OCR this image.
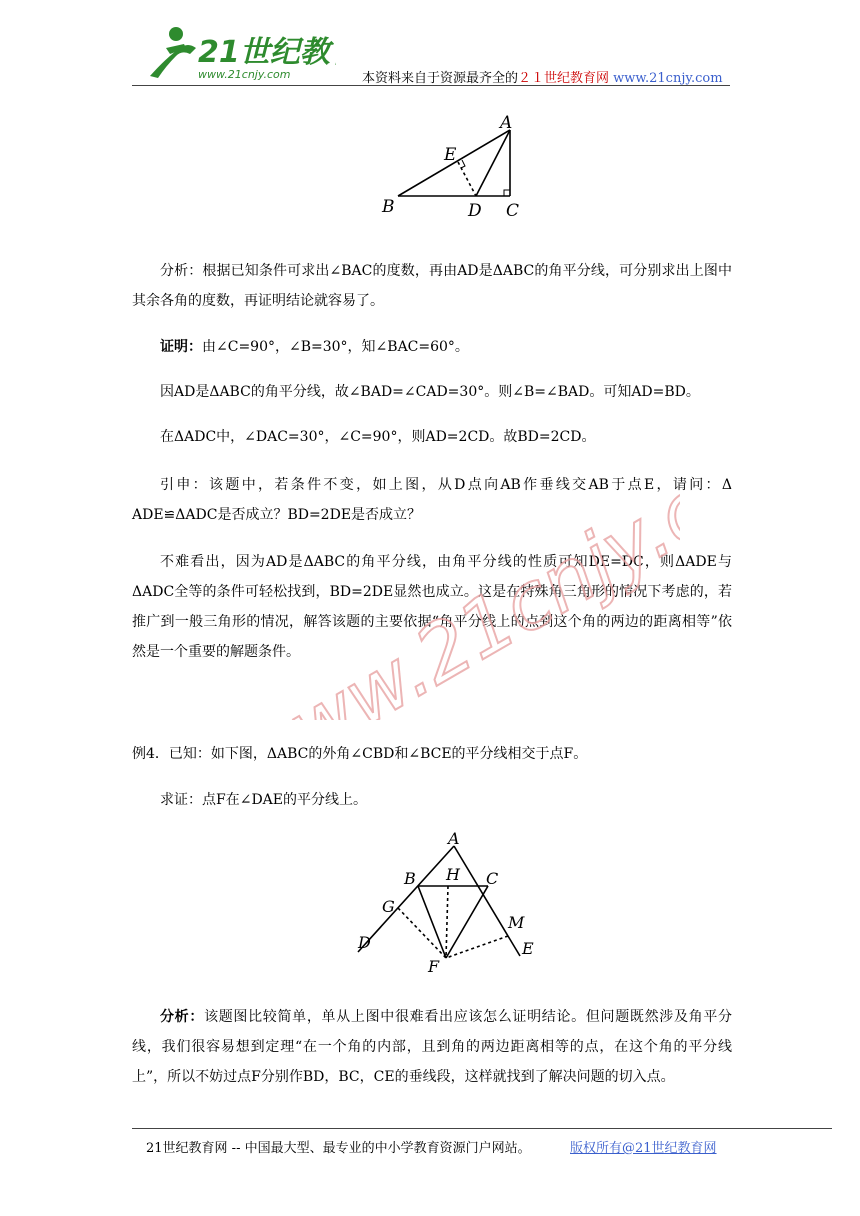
21世纪教
www.21cnjy.com	本资料来自于资源最齐全的２１世纪教育网 www.21cnjy.com
A
B	C
D
E
分析：根据已知条件可求出∠BAC的度数，再由AD是ΔABC的角平分线，可分别求出上图中其余各角的度数，再证明结论就容易了。
证明：由∠C=90°，∠B=30°，知∠BAC=60°。
因AD是ΔABC的角平分线，故∠BAD=∠CAD=30°。则∠B=∠BAD。可知AD=BD。
在ΔADC中，∠DAC=30°，∠C=90°，则AD=2CD。故BD=2CD。
引申：该题中，若条件不变，如上图，从D点向AB作垂线交AB于点E，请问：Δ ADE≌ΔADC是否成立？BD=2DE是否成立？
不难看出，因为AD是ΔABC的角平分线，由角平分线的性质可知DE=DC，则ΔADE与ΔADC全等的条件可轻松找到，BD=2DE显然也成立。这是在特殊角三角形的情况下考虑的，若推广到一般三角形的情况，解答该题的主要依据“角平分线上的点到这个角的两边的距离相等”依然是一个重要的解题条件。
例4．已知：如下图，ΔABC的外角∠CBD和∠BCE的平分线相交于点F。
求证：点F在∠DAE的平分线上。
A
B	C
D	E
F
G
H
M
分析：该题图比较简单，单从上图中很难看出应该怎么证明结论。但问题既然涉及角平分线，我们很容易想到定理“在一个角的内部，且到角的两边距离相等的点，在这个角的平分线上”，所以不妨过点F分别作BD，BC，CE的垂线段，这样就找到了解决问题的切入点。
www.21cnjy.com
21世纪教育网 -- 中国最大型、最专业的中小学教育资源门户网站。	版权所有@21世纪教育网
